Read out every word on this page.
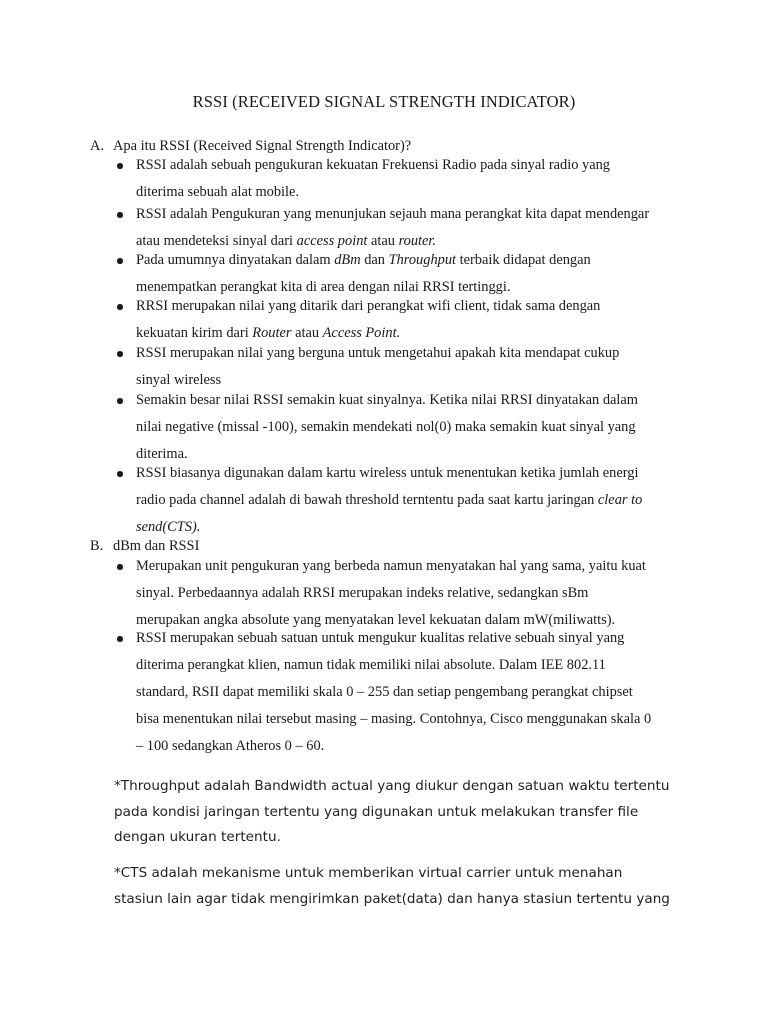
RSSI (RECEIVED SIGNAL STRENGTH INDICATOR)
A. Apa itu RSSI (Received Signal Strength Indicator)?
RSSI adalah sebuah pengukuran kekuatan Frekuensi Radio pada sinyal radio yang
diterima sebuah alat mobile.
RSSI adalah Pengukuran yang menunjukan sejauh mana perangkat kita dapat mendengar
atau mendeteksi sinyal dari access point atau router.
Pada umumnya dinyatakan dalam dBm dan Throughput terbaik didapat dengan
menempatkan perangkat kita di area dengan nilai RRSI tertinggi.
RRSI merupakan nilai yang ditarik dari perangkat wifi client, tidak sama dengan
kekuatan kirim dari Router atau Access Point.
RSSI merupakan nilai yang berguna untuk mengetahui apakah kita mendapat cukup
sinyal wireless
Semakin besar nilai RSSI semakin kuat sinyalnya. Ketika nilai RRSI dinyatakan dalam
nilai negative (missal -100), semakin mendekati nol(0) maka semakin kuat sinyal yang
diterima.
RSSI biasanya digunakan dalam kartu wireless untuk menentukan ketika jumlah energi
radio pada channel adalah di bawah threshold terntentu pada saat kartu jaringan clear to
send(CTS).
B. dBm dan RSSI
Merupakan unit pengukuran yang berbeda namun menyatakan hal yang sama, yaitu kuat
sinyal. Perbedaannya adalah RRSI merupakan indeks relative, sedangkan sBm
merupakan angka absolute yang menyatakan level kekuatan dalam mW(miliwatts).
RSSI merupakan sebuah satuan untuk mengukur kualitas relative sebuah sinyal yang
diterima perangkat klien, namun tidak memiliki nilai absolute. Dalam IEE 802.11
standard, RSII dapat memiliki skala 0 – 255 dan setiap pengembang perangkat chipset
bisa menentukan nilai tersebut masing – masing. Contohnya, Cisco menggunakan skala 0
– 100 sedangkan Atheros 0 – 60.
*Throughput adalah Bandwidth actual yang diukur dengan satuan waktu tertentu
pada kondisi jaringan tertentu yang digunakan untuk melakukan transfer file
dengan ukuran tertentu.
*CTS adalah mekanisme untuk memberikan virtual carrier untuk menahan
stasiun lain agar tidak mengirimkan paket(data) dan hanya stasiun tertentu yang
